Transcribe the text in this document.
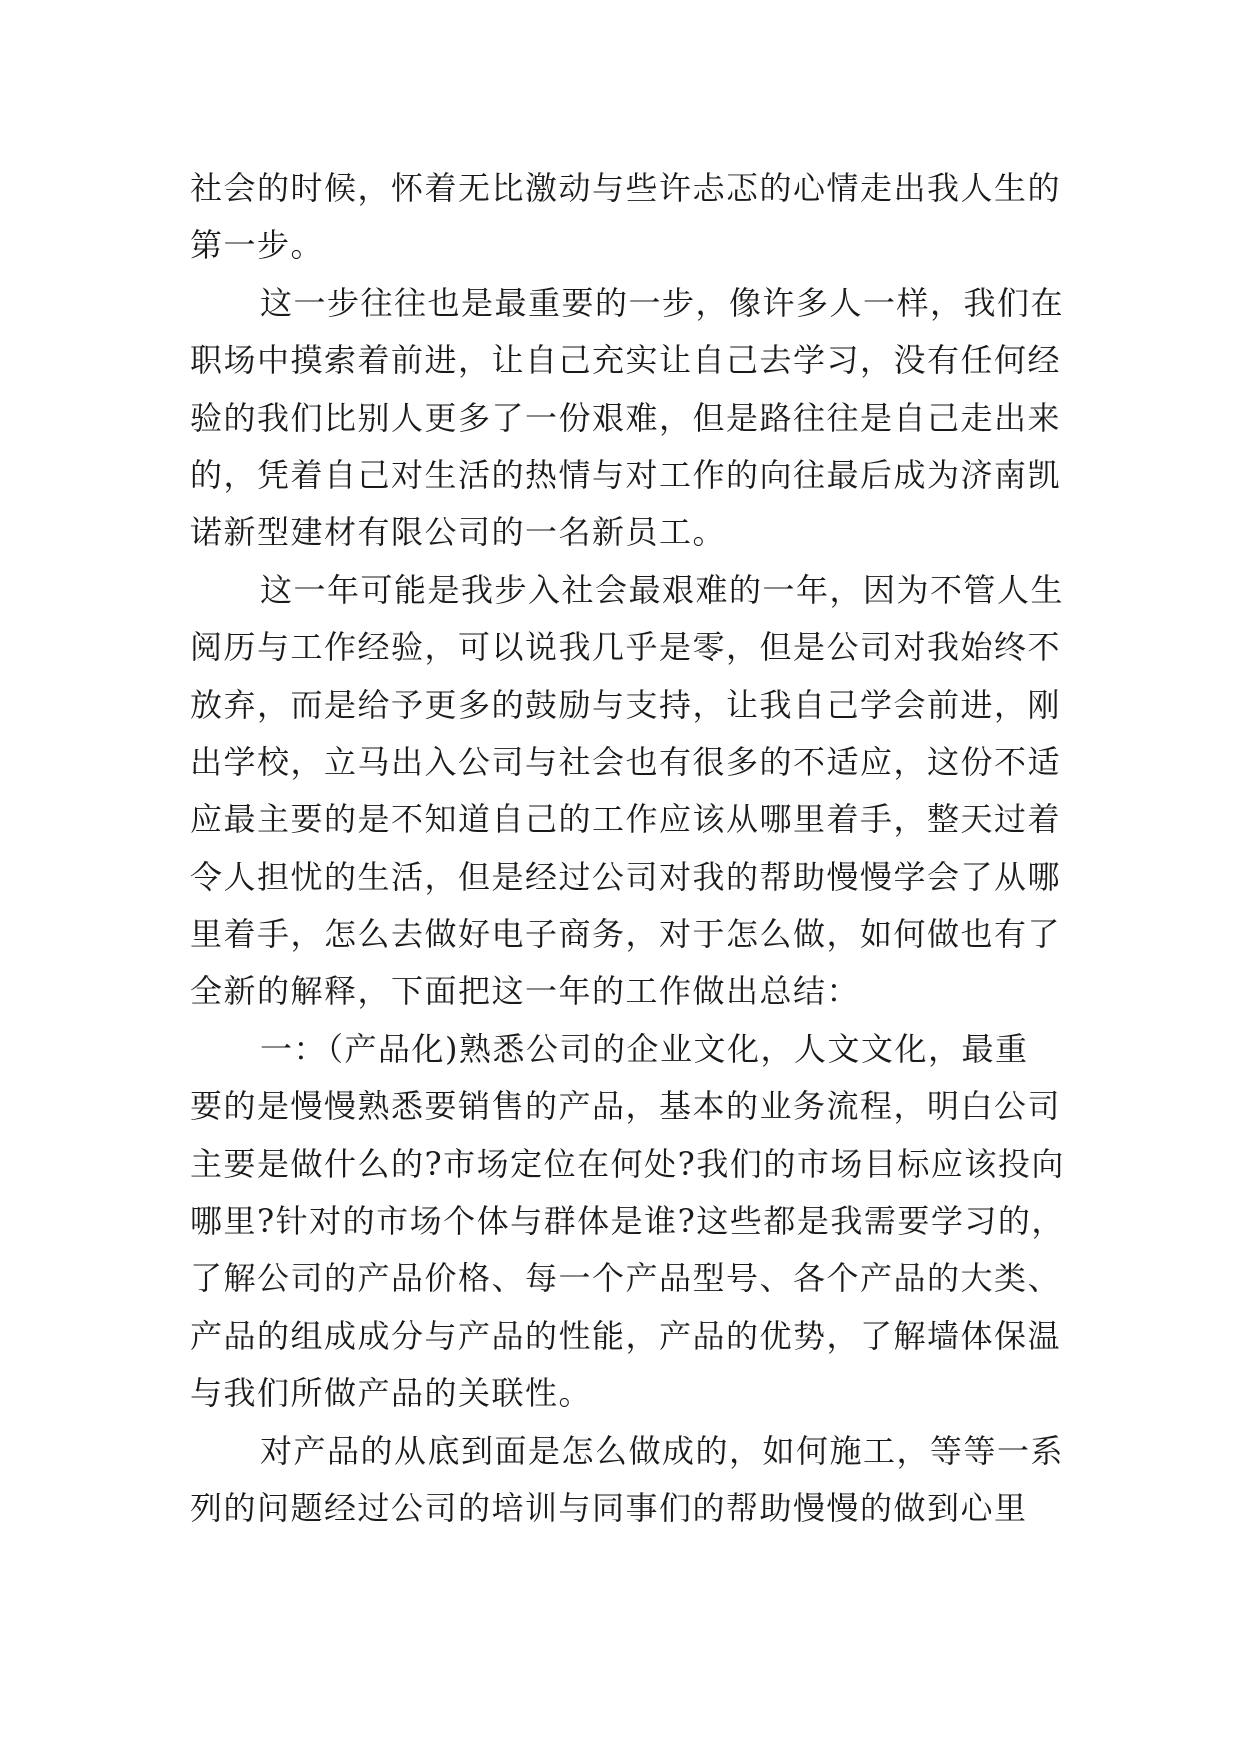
社会的时候，怀着无比激动与些许忐忑的心情走出我人生的
第一步。
这一步往往也是最重要的一步，像许多人一样，我们在
职场中摸索着前进，让自己充实让自己去学习，没有任何经
验的我们比别人更多了一份艰难，但是路往往是自己走出来
的，凭着自己对生活的热情与对工作的向往最后成为济南凯
诺新型建材有限公司的一名新员工。
这一年可能是我步入社会最艰难的一年，因为不管人生
阅历与工作经验，可以说我几乎是零，但是公司对我始终不
放弃，而是给予更多的鼓励与支持，让我自己学会前进，刚
出学校，立马出入公司与社会也有很多的不适应，这份不适
应最主要的是不知道自己的工作应该从哪里着手，整天过着
令人担忧的生活，但是经过公司对我的帮助慢慢学会了从哪
里着手，怎么去做好电子商务，对于怎么做，如何做也有了
全新的解释，下面把这一年的工作做出总结：
一：（产品化)熟悉公司的企业文化，人文文化，最重
要的是慢慢熟悉要销售的产品，基本的业务流程，明白公司
主要是做什么的?市场定位在何处?我们的市场目标应该投向
哪里?针对的市场个体与群体是谁?这些都是我需要学习的，
了解公司的产品价格、每一个产品型号、各个产品的大类、
产品的组成成分与产品的性能，产品的优势，了解墙体保温
与我们所做产品的关联性。
对产品的从底到面是怎么做成的，如何施工，等等一系
列的问题经过公司的培训与同事们的帮助慢慢的做到心里
